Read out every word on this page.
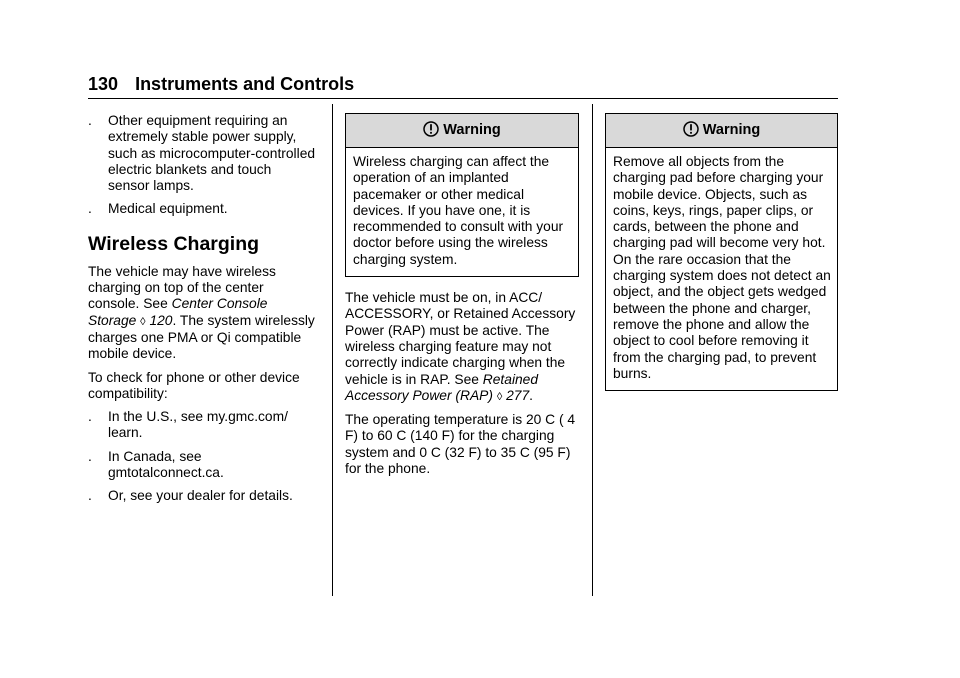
130 Instruments and Controls
. Other equipment requiring an extremely stable power supply, such as microcomputer-controlled electric blankets and touch sensor lamps.
. Medical equipment.
Wireless Charging

The vehicle may have wireless charging on top of the center console. See Center Console Storage ◊ 120. The system wirelessly charges one PMA or Qi compatible mobile device.

To check for phone or other device compatibility:

. In the U.S., see my.gmc.com/ learn.
. In Canada, see gmtotalconnect.ca.
. Or, see your dealer for details.
Warning

Wireless charging can affect the operation of an implanted pacemaker or other medical devices. If you have one, it is recommended to consult with your doctor before using the wireless charging system.

The vehicle must be on, in ACC/ ACCESSORY, or Retained Accessory Power (RAP) must be active. The wireless charging feature may not correctly indicate charging when the vehicle is in RAP. See Retained Accessory Power (RAP) ◊ 277.

The operating temperature is 20 C ( 4 F) to 60 C (140 F) for the charging system and 0 C (32 F) to 35 C (95 F) for the phone.

Warning

Remove all objects from the charging pad before charging your mobile device. Objects, such as coins, keys, rings, paper clips, or cards, between the phone and charging pad will become very hot. On the rare occasion that the charging system does not detect an object, and the object gets wedged between the phone and charger, remove the phone and allow the object to cool before removing it from the charging pad, to prevent burns.
